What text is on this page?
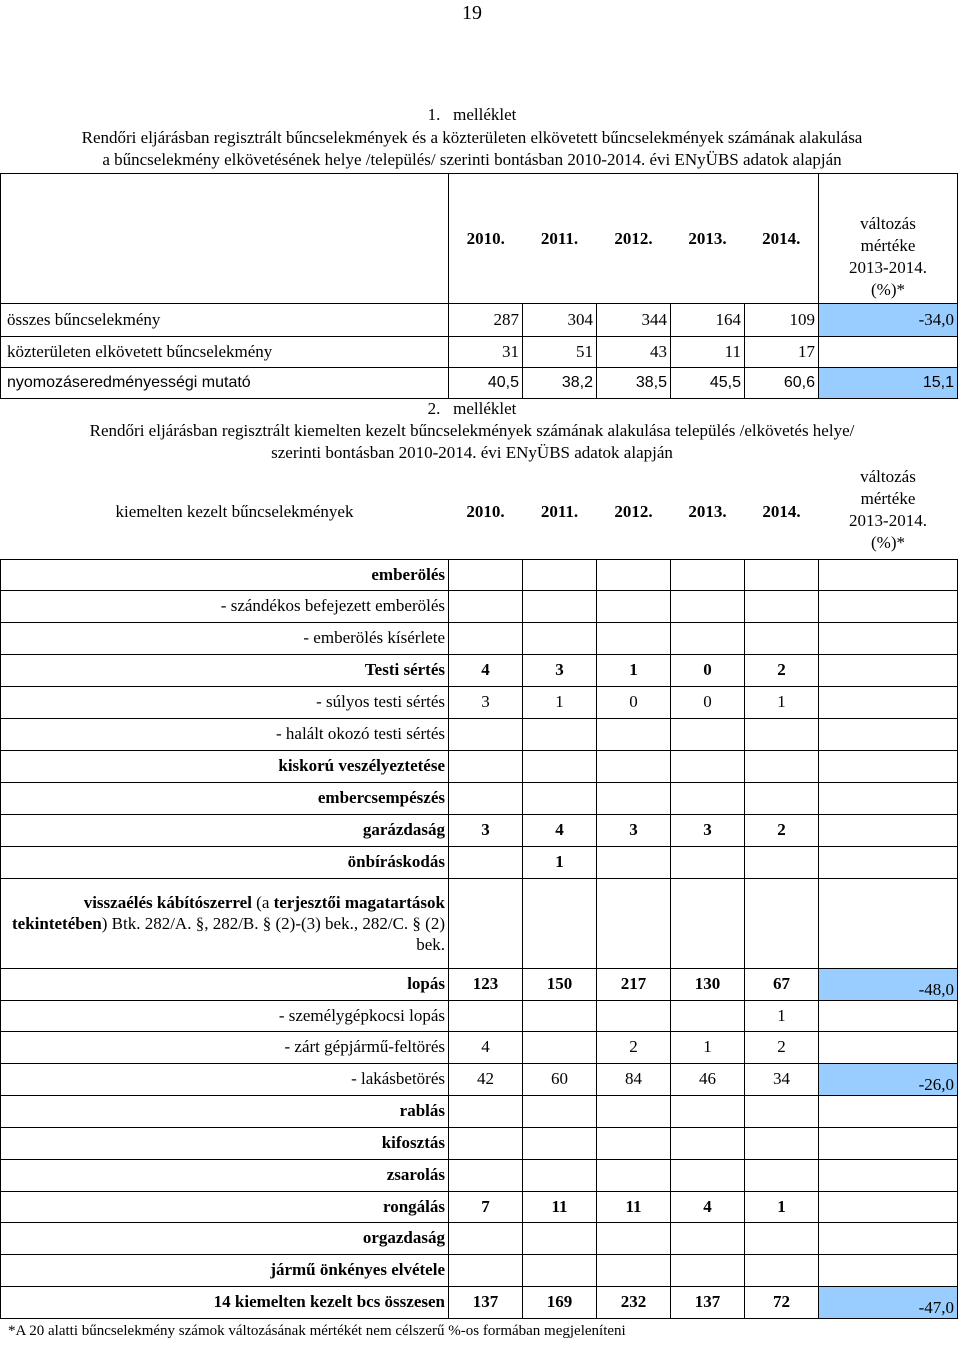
19
1. melléklet
Rendőri eljárásban regisztrált bűncselekmények és a közterületen elkövetett bűncselekmények számának alakulása
a bűncselekmény elkövetésének helye /település/ szerinti bontásban 2010-2014. évi ENyÜBS adatok alapján
	2010.	2011.	2012.	2013.	2014.	változás
mértéke
2013-2014.
(%)*

összes bűncselekmény	287	304	344	164	109	-34,0
közterületen elkövetett bűncselekmény	31	51	43	11	17	
nyomozáseredményességi mutató	40,5	38,2	38,5	45,5	60,6	15,1
2. melléklet
Rendőri eljárásban regisztrált kiemelten kezelt bűncselekmények számának alakulása település /elkövetés helye/
szerinti bontásban 2010-2014. évi ENyÜBS adatok alapján
kiemelten kezelt bűncselekmények	2010.	2011.	2012.	2013.	2014.	változás
mértéke
2013-2014.
(%)*

emberölés						
- szándékos befejezett emberölés						
- emberölés kísérlete						
Testi sértés	4	3	1	0	2	
- súlyos testi sértés	3	1	0	0	1	
- halált okozó testi sértés						
kiskorú veszélyeztetése						
embercsempészés						
garázdaság	3	4	3	3	2	
önbíráskodás		1				
visszaélés kábítószerrel (a terjesztői magatartások tekintetében) Btk. 282/A. §, 282/B. § (2)-(3) bek., 282/C. § (2) bek.						
lopás	123	150	217	130	67	-48,0
- személygépkocsi lopás					1	
- zárt gépjármű-feltörés	4		2	1	2	
- lakásbetörés	42	60	84	46	34	-26,0
rablás						
kifosztás						
zsarolás						
rongálás	7	11	11	4	1	
orgazdaság						
jármű önkényes elvétele						
14 kiemelten kezelt bcs összesen	137	169	232	137	72	-47,0
*A 20 alatti bűncselekmény számok változásának mértékét nem célszerű %-os formában megjeleníteni
